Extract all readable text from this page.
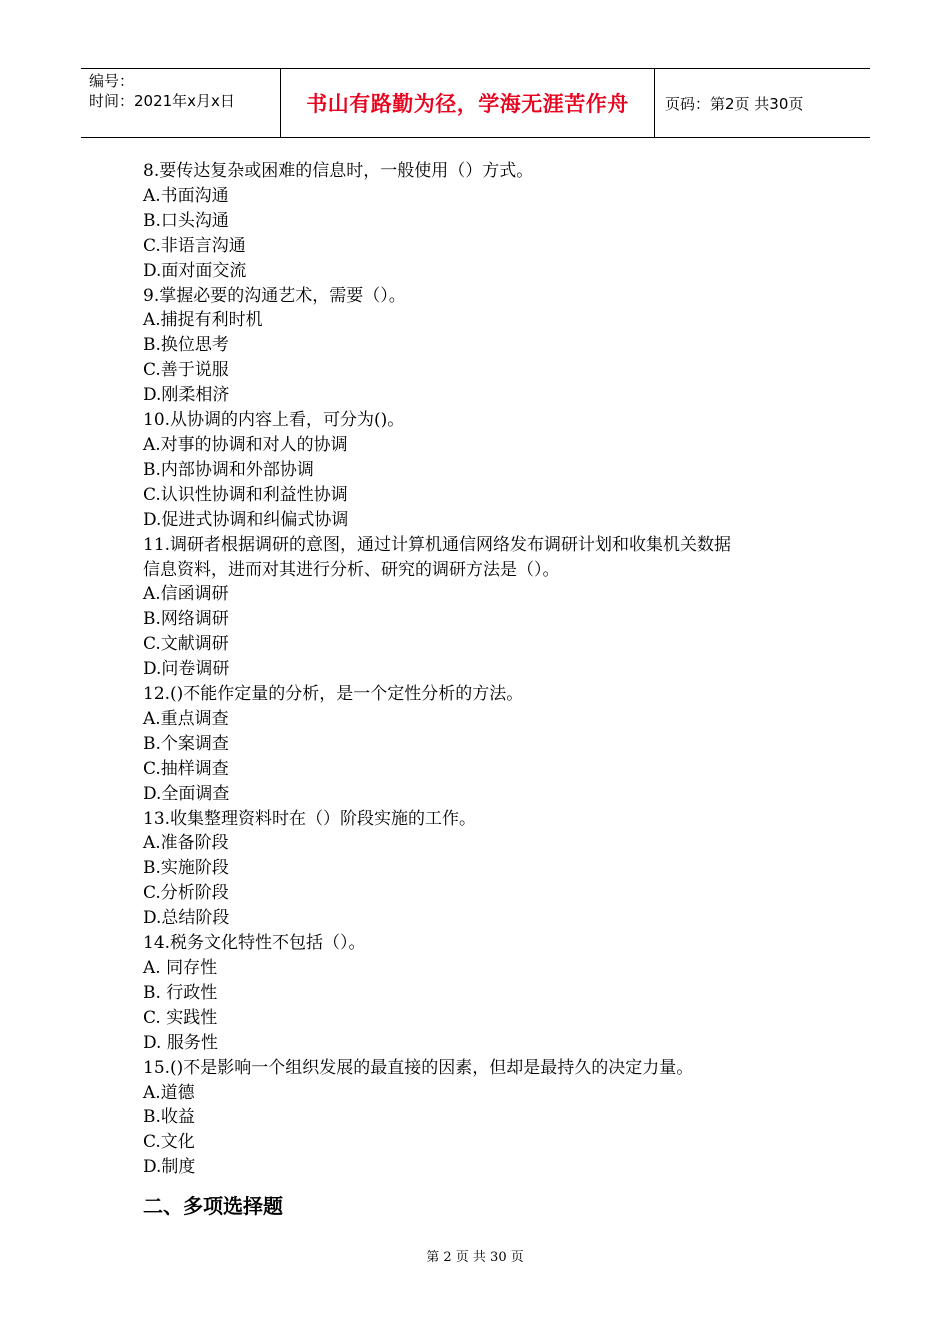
编号：
时间：2021年x月x日	书山有路勤为径，学海无涯苦作舟	页码：第2页 共30页
8.要传达复杂或困难的信息时，一般使用（）方式。
A.书面沟通
B.口头沟通
C.非语言沟通
D.面对面交流
9.掌握必要的沟通艺术，需要（）。
A.捕捉有利时机
B.换位思考
C.善于说服
D.刚柔相济
10.从协调的内容上看，可分为()。
A.对事的协调和对人的协调
B.内部协调和外部协调
C.认识性协调和利益性协调
D.促进式协调和纠偏式协调
11.调研者根据调研的意图，通过计算机通信网络发布调研计划和收集机关数据
信息资料，进而对其进行分析、研究的调研方法是（）。
A.信函调研
B.网络调研
C.文献调研
D.问卷调研
12.()不能作定量的分析，是一个定性分析的方法。
A.重点调查
B.个案调查
C.抽样调查
D.全面调查
13.收集整理资料时在（）阶段实施的工作。
A.准备阶段
B.实施阶段
C.分析阶段
D.总结阶段
14.税务文化特性不包括（）。
A. 同存性
B. 行政性
C. 实践性
D. 服务性
15.()不是影响一个组织发展的最直接的因素，但却是最持久的决定力量。
A.道德
B.收益
C.文化
D.制度
二、多项选择题
第 2 页 共 30 页
